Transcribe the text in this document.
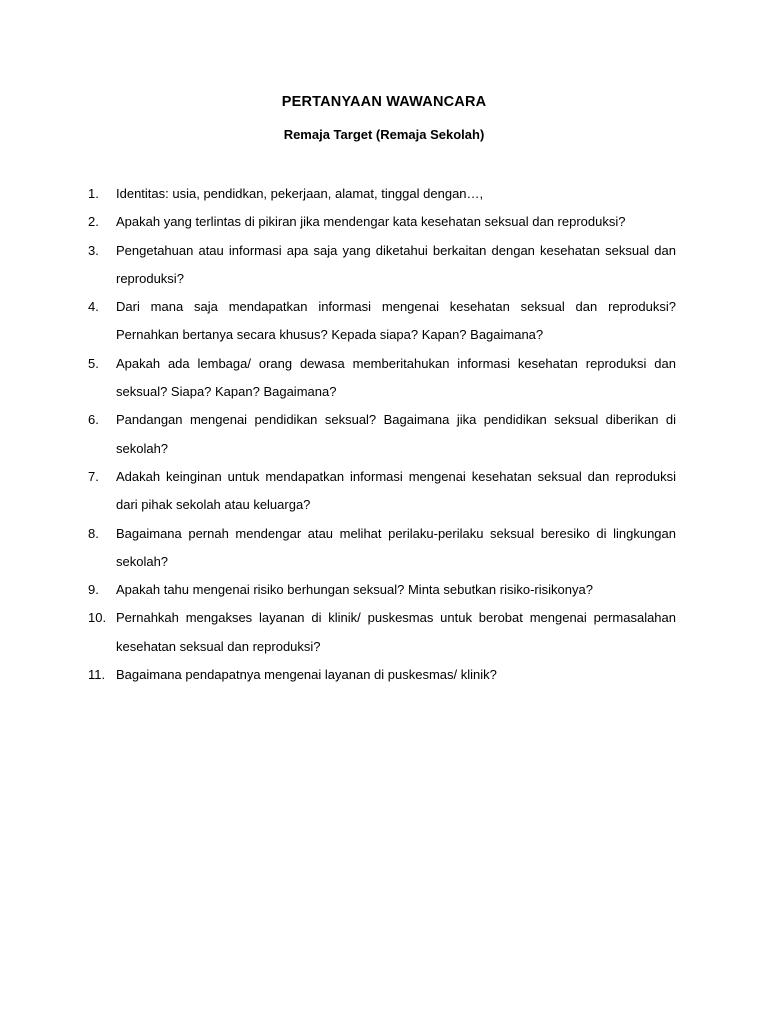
PERTANYAAN WAWANCARA
Remaja Target (Remaja Sekolah)
1.	Identitas: usia, pendidkan, pekerjaan, alamat, tinggal dengan…,
2.	Apakah yang terlintas di pikiran jika mendengar kata kesehatan seksual dan reproduksi?
3.	Pengetahuan atau informasi apa saja yang diketahui berkaitan dengan kesehatan seksual dan reproduksi?
4.	Dari mana saja mendapatkan informasi mengenai kesehatan seksual dan reproduksi? Pernahkan bertanya secara khusus? Kepada siapa? Kapan? Bagaimana?
5.	Apakah ada lembaga/ orang dewasa memberitahukan informasi kesehatan reproduksi dan seksual? Siapa? Kapan? Bagaimana?
6.	Pandangan mengenai pendidikan seksual? Bagaimana jika pendidikan seksual diberikan di sekolah?
7.	Adakah keinginan untuk mendapatkan informasi mengenai kesehatan seksual dan reproduksi dari pihak sekolah atau keluarga?
8.	Bagaimana pernah mendengar atau melihat perilaku-perilaku seksual beresiko di lingkungan sekolah?
9.	Apakah tahu mengenai risiko berhungan seksual? Minta sebutkan risiko-risikonya?
10. Pernahkah mengakses layanan di klinik/ puskesmas untuk berobat mengenai permasalahan kesehatan seksual dan reproduksi?
11. Bagaimana pendapatnya mengenai layanan di puskesmas/ klinik?
